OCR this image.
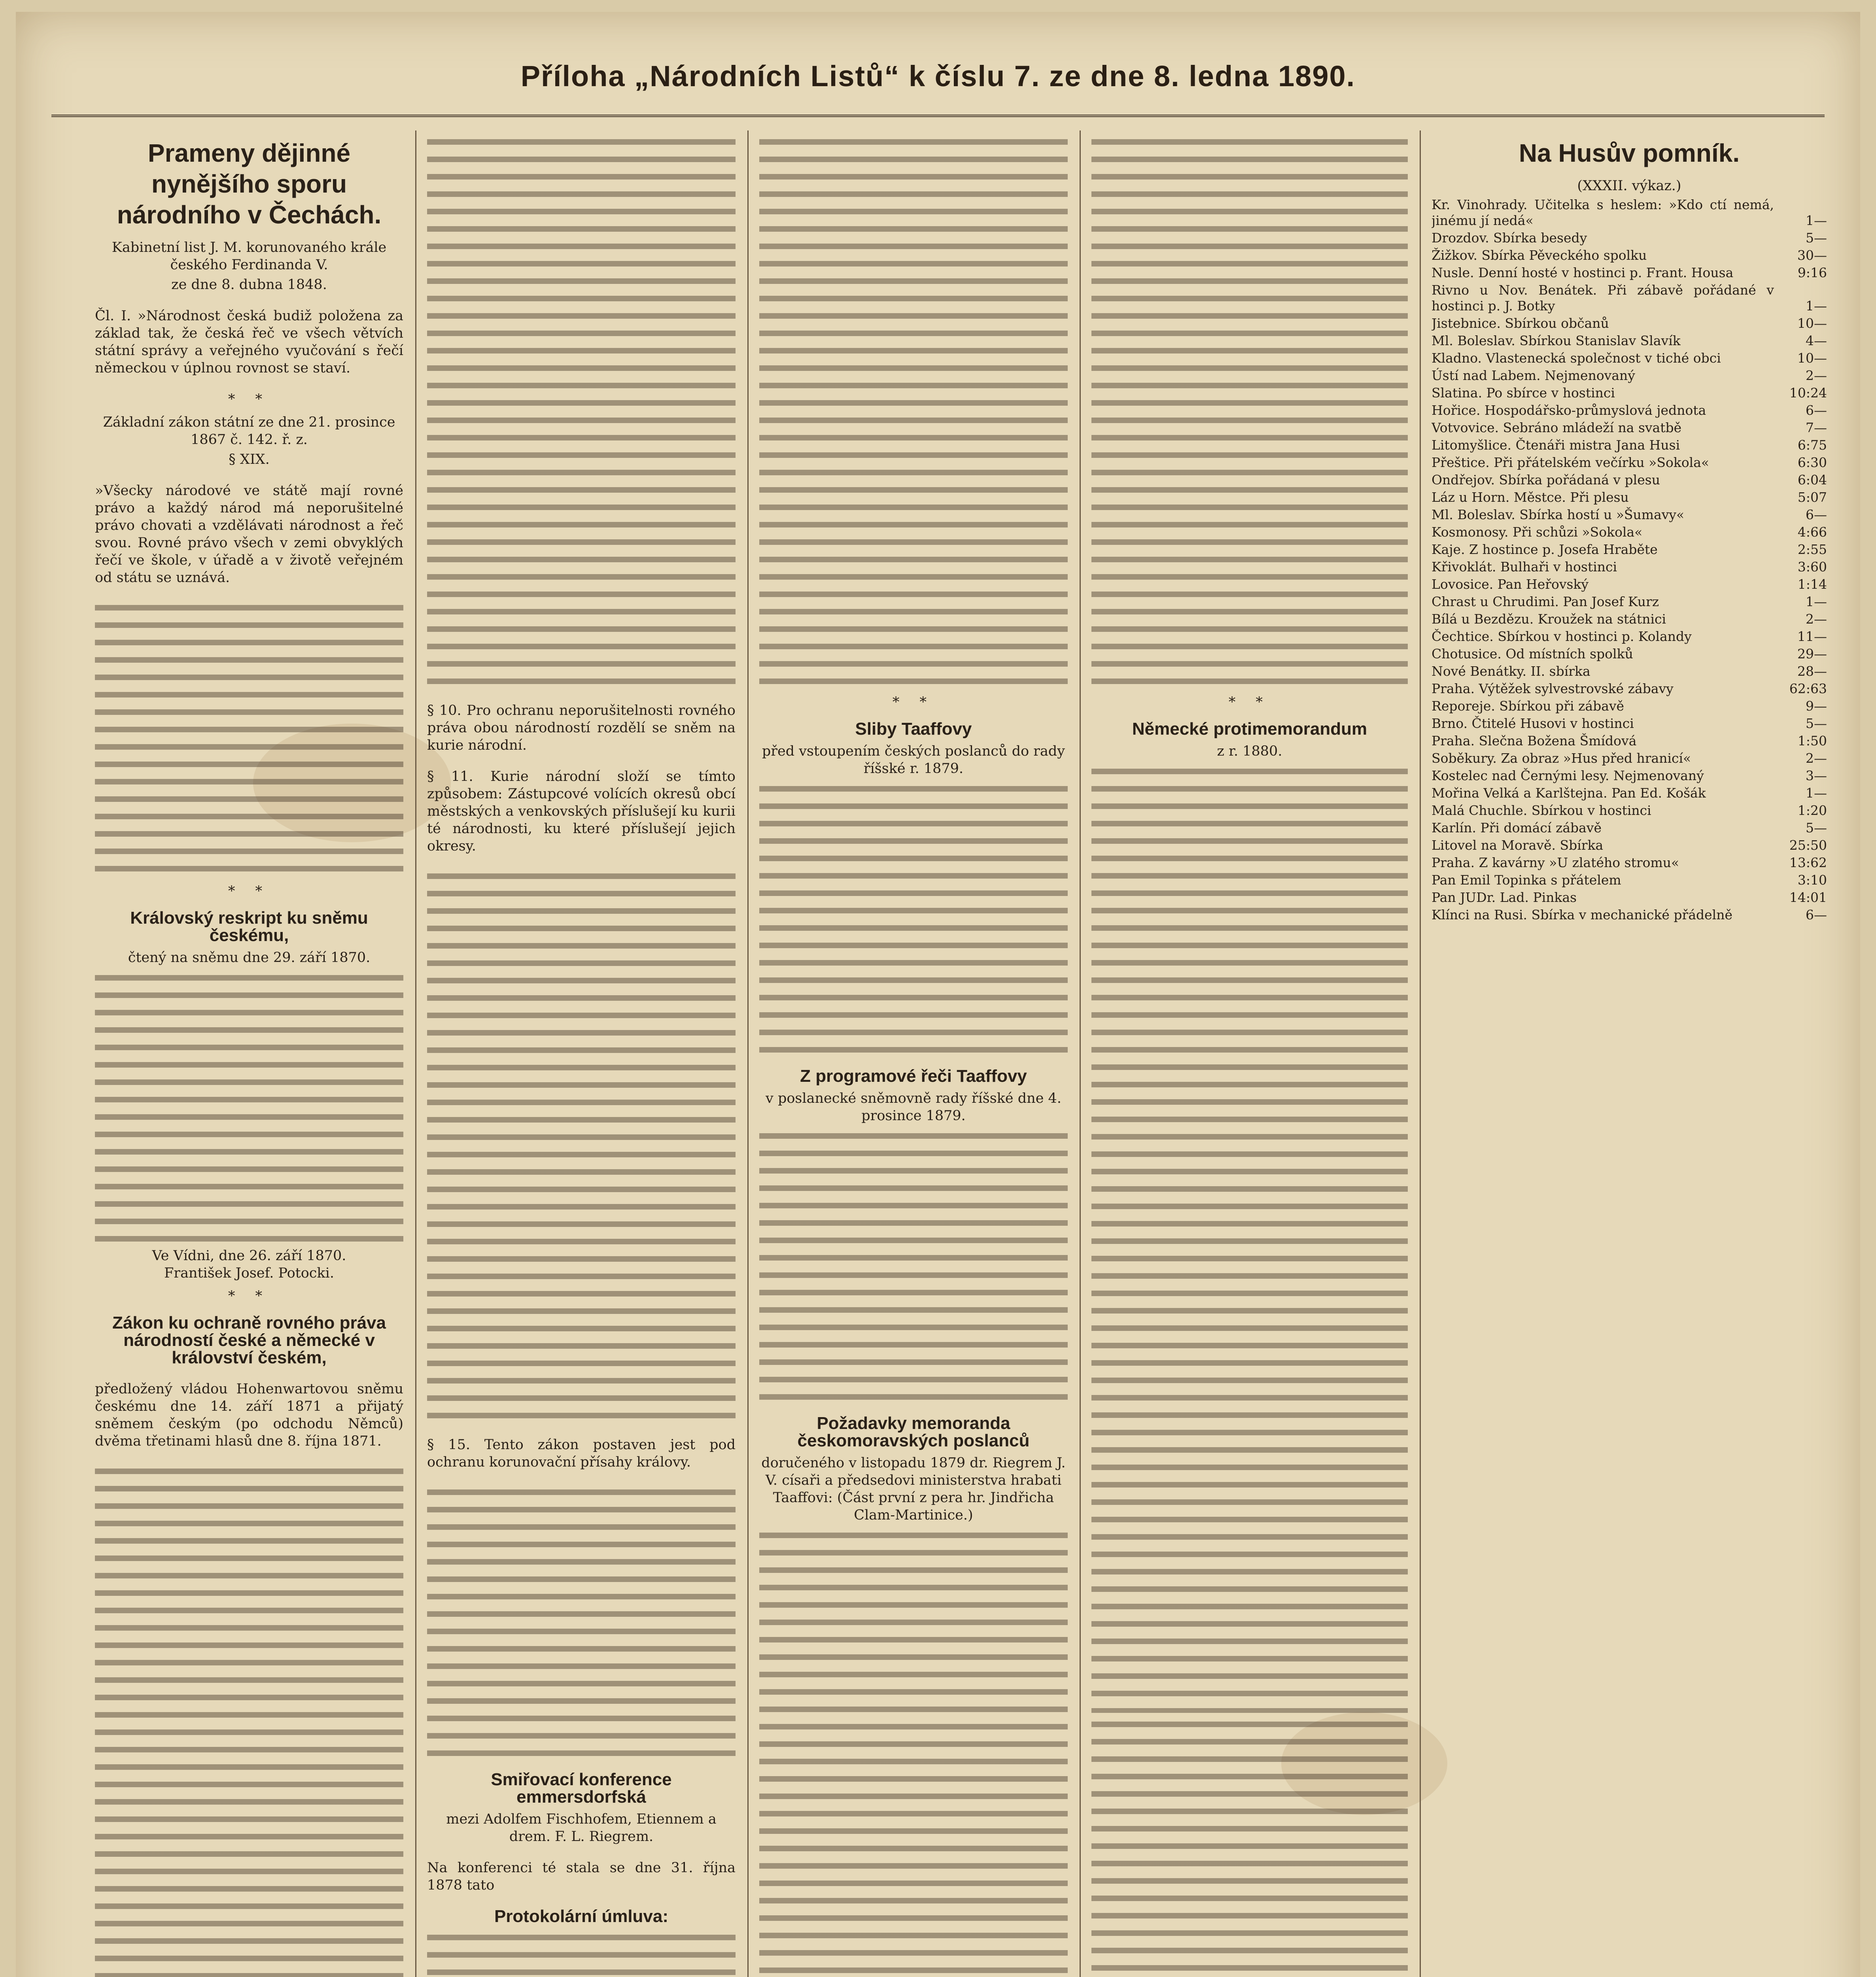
Příloha „Národních Listů“ k číslu 7. ze dne 8. ledna 1890.
Prameny dějinné nynějšího sporu národního v Čechách.
Kabinetní list J. M. korunovaného krále českého Ferdinanda V.
ze dne 8. dubna 1848.

Čl. I. »Národnost česká budiž položena za základ tak, že česká řeč ve všech větvích státní správy a veřejného vyučování s řečí německou v úplnou rovnost se staví.

* *
Základní zákon státní ze dne 21. prosince 1867 č. 142. ř. z.
§ XIX.

»Všecky národové ve státě mají rovné právo a každý národ má neporušitelné právo chovati a vzdělávati národnost a řeč svou. Rovné právo všech v zemi obvyklých řečí ve škole, v úřadě a v životě veřejném od státu se uznává.

* *
Královský reskript ku sněmu českému,
čtený na sněmu dne 29. září 1870.
Ve Vídni, dne 26. září 1870.
František Josef. Potocki.
* *
Zákon ku ochraně rovného práva národností české a německé v království českém,

předložený vládou Hohenwartovou sněmu českému dne 14. září 1871 a přijatý sněmem českým (po odchodu Němců) dvěma třetinami hlasů dne 8. října 1871.

§ 10. Pro ochranu neporušitelnosti rovného práva obou národností rozdělí se sněm na kurie národní.

§ 11. Kurie národní složí se tímto způsobem: Zástupcové volících okresů obcí městských a venkovských příslušejí ku kurii té národnosti, ku které příslušejí jejich okresy.

§ 15. Tento zákon postaven jest pod ochranu korunovační přísahy královy.

Smiřovací konference emmersdorfská
mezi Adolfem Fischhofem, Etiennem a drem. F. L. Riegrem.

Na konferenci té stala se dne 31. října 1878 tato

Protokolární úmluva:

* *
Sliby Taaffovy
před vstoupením českých poslanců do rady říšské r. 1879.
Z programové řeči Taaffovy
v poslanecké sněmovně rady říšské dne 4. prosince 1879.
Požadavky memoranda českomoravských poslanců
doručeného v listopadu 1879 dr. Riegrem J. V. císaři a předsedovi ministerstva hrabati Taaffovi: (Část první z pera hr. Jindřicha Clam-Martinice.)

* *
Německé protimemorandum
z r. 1880.
Na Husův pomník.
(XXXII. výkaz.)
Kr. Vinohrady. Učitelka s heslem: »Kdo ctí nemá, jinému jí nedá«	1—
Drozdov. Sbírka besedy	5—
Žižkov. Sbírka Pěveckého spolku	30—
Nusle. Denní hosté v hostinci p. Frant. Housa	9:16
Rivno u Nov. Benátek. Při zábavě pořádané v hostinci p. J. Botky	1—
Jistebnice. Sbírkou občanů	10—
Ml. Boleslav. Sbírkou Stanislav Slavík	4—
Kladno. Vlastenecká společnost v tiché obci	10—
Ústí nad Labem. Nejmenovaný	2—
Slatina. Po sbírce v hostinci	10:24
Hořice. Hospodářsko-průmyslová jednota	6—
Votvovice. Sebráno mládeží na svatbě	7—
Litomyšlice. Čtenáři mistra Jana Husi	6:75
Přeštice. Při přátelském večírku »Sokola«	6:30
Ondřejov. Sbírka pořádaná v plesu	6:04
Láz u Horn. Městce. Při plesu	5:07
Ml. Boleslav. Sbírka hostí u »Šumavy«	6—
Kosmonosy. Při schůzi »Sokola«	4:66
Kaje. Z hostince p. Josefa Hraběte	2:55
Křivoklát. Bulhaři v hostinci	3:60
Lovosice. Pan Heřovský	1:14
Chrast u Chrudimi. Pan Josef Kurz	1—
Bílá u Bezdězu. Kroužek na státnici	2—
Čechtice. Sbírkou v hostinci p. Kolandy	11—
Chotusice. Od místních spolků	29—
Nové Benátky. II. sbírka	28—
Praha. Výtěžek sylvestrovské zábavy	62:63
Reporeje. Sbírkou při zábavě	9—
Brno. Čtitelé Husovi v hostinci	5—
Praha. Slečna Božena Šmídová	1:50
Soběkury. Za obraz »Hus před hranicí«	2—
Kostelec nad Černými lesy. Nejmenovaný	3—
Mořina Velká a Karlštejna. Pan Ed. Košák	1—
Malá Chuchle. Sbírkou v hostinci	1:20
Karlín. Při domácí zábavě	5—
Litovel na Moravě. Sbírka	25:50
Praha. Z kavárny »U zlatého stromu«	13:62
Pan Emil Topinka s přátelem	3:10
Pan JUDr. Lad. Pinkas	14:01
Klínci na Rusi. Sbírka v mechanické přádelně	6—
